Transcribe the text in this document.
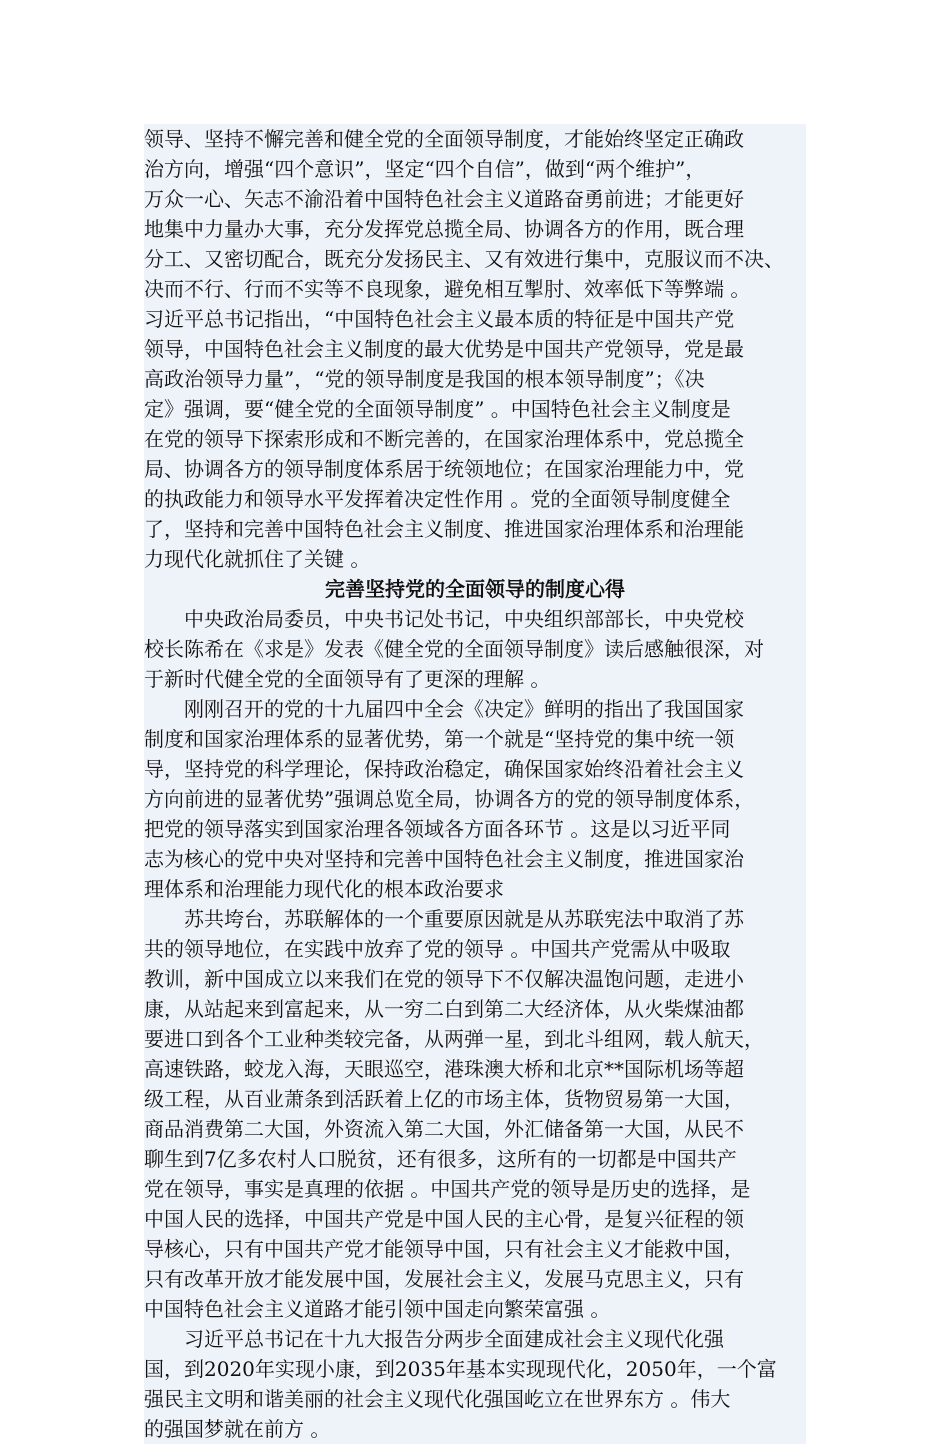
领导、坚持不懈完善和健全党的全面领导制度，才能始终坚定正确政
治方向，增强“四个意识”，坚定“四个自信”，做到“两个维护”，
万众一心、矢志不渝沿着中国特色社会主义道路奋勇前进；才能更好
地集中力量办大事，充分发挥党总揽全局、协调各方的作用，既合理
分工、又密切配合，既充分发扬民主、又有效进行集中，克服议而不决、
决而不行、行而不实等不良现象，避免相互掣肘、效率低下等弊端 。
习近平总书记指出，“中国特色社会主义最本质的特征是中国共产党
领导，中国特色社会主义制度的最大优势是中国共产党领导，党是最
高政治领导力量”，“党的领导制度是我国的根本领导制度”；《决
定》强调，要“健全党的全面领导制度” 。中国特色社会主义制度是
在党的领导下探索形成和不断完善的，在国家治理体系中，党总揽全
局、协调各方的领导制度体系居于统领地位；在国家治理能力中，党
的执政能力和领导水平发挥着决定性作用 。党的全面领导制度健全
了，坚持和完善中国特色社会主义制度、推进国家治理体系和治理能
力现代化就抓住了关键 。
完善坚持党的全面领导的制度心得
中央政治局委员，中央书记处书记，中央组织部部长，中央党校
校长陈希在《求是》发表《健全党的全面领导制度》读后感触很深，对
于新时代健全党的全面领导有了更深的理解 。
刚刚召开的党的十九届四中全会《决定》鲜明的指出了我国国家
制度和国家治理体系的显著优势，第一个就是“坚持党的集中统一领
导，坚持党的科学理论，保持政治稳定，确保国家始终沿着社会主义
方向前进的显著优势”强调总览全局，协调各方的党的领导制度体系，
把党的领导落实到国家治理各领域各方面各环节 。这是以习近平同
志为核心的党中央对坚持和完善中国特色社会主义制度，推进国家治
理体系和治理能力现代化的根本政治要求
苏共垮台，苏联解体的一个重要原因就是从苏联宪法中取消了苏
共的领导地位，在实践中放弃了党的领导 。中国共产党需从中吸取
教训，新中国成立以来我们在党的领导下不仅解决温饱问题，走进小
康，从站起来到富起来，从一穷二白到第二大经济体，从火柴煤油都
要进口到各个工业种类较完备，从两弹一星，到北斗组网，载人航天，
高速铁路，蛟龙入海，天眼巡空，港珠澳大桥和北京**国际机场等超
级工程，从百业萧条到活跃着上亿的市场主体，货物贸易第一大国，
商品消费第二大国，外资流入第二大国，外汇储备第一大国，从民不
聊生到7亿多农村人口脱贫，还有很多，这所有的一切都是中国共产
党在领导，事实是真理的依据 。中国共产党的领导是历史的选择，是
中国人民的选择，中国共产党是中国人民的主心骨，是复兴征程的领
导核心，只有中国共产党才能领导中国，只有社会主义才能救中国，
只有改革开放才能发展中国，发展社会主义，发展马克思主义，只有
中国特色社会主义道路才能引领中国走向繁荣富强 。
习近平总书记在十九大报告分两步全面建成社会主义现代化强
国，到2020年实现小康，到2035年基本实现现代化，2050年，一个富
强民主文明和谐美丽的社会主义现代化强国屹立在世界东方 。伟大
的强国梦就在前方 。
